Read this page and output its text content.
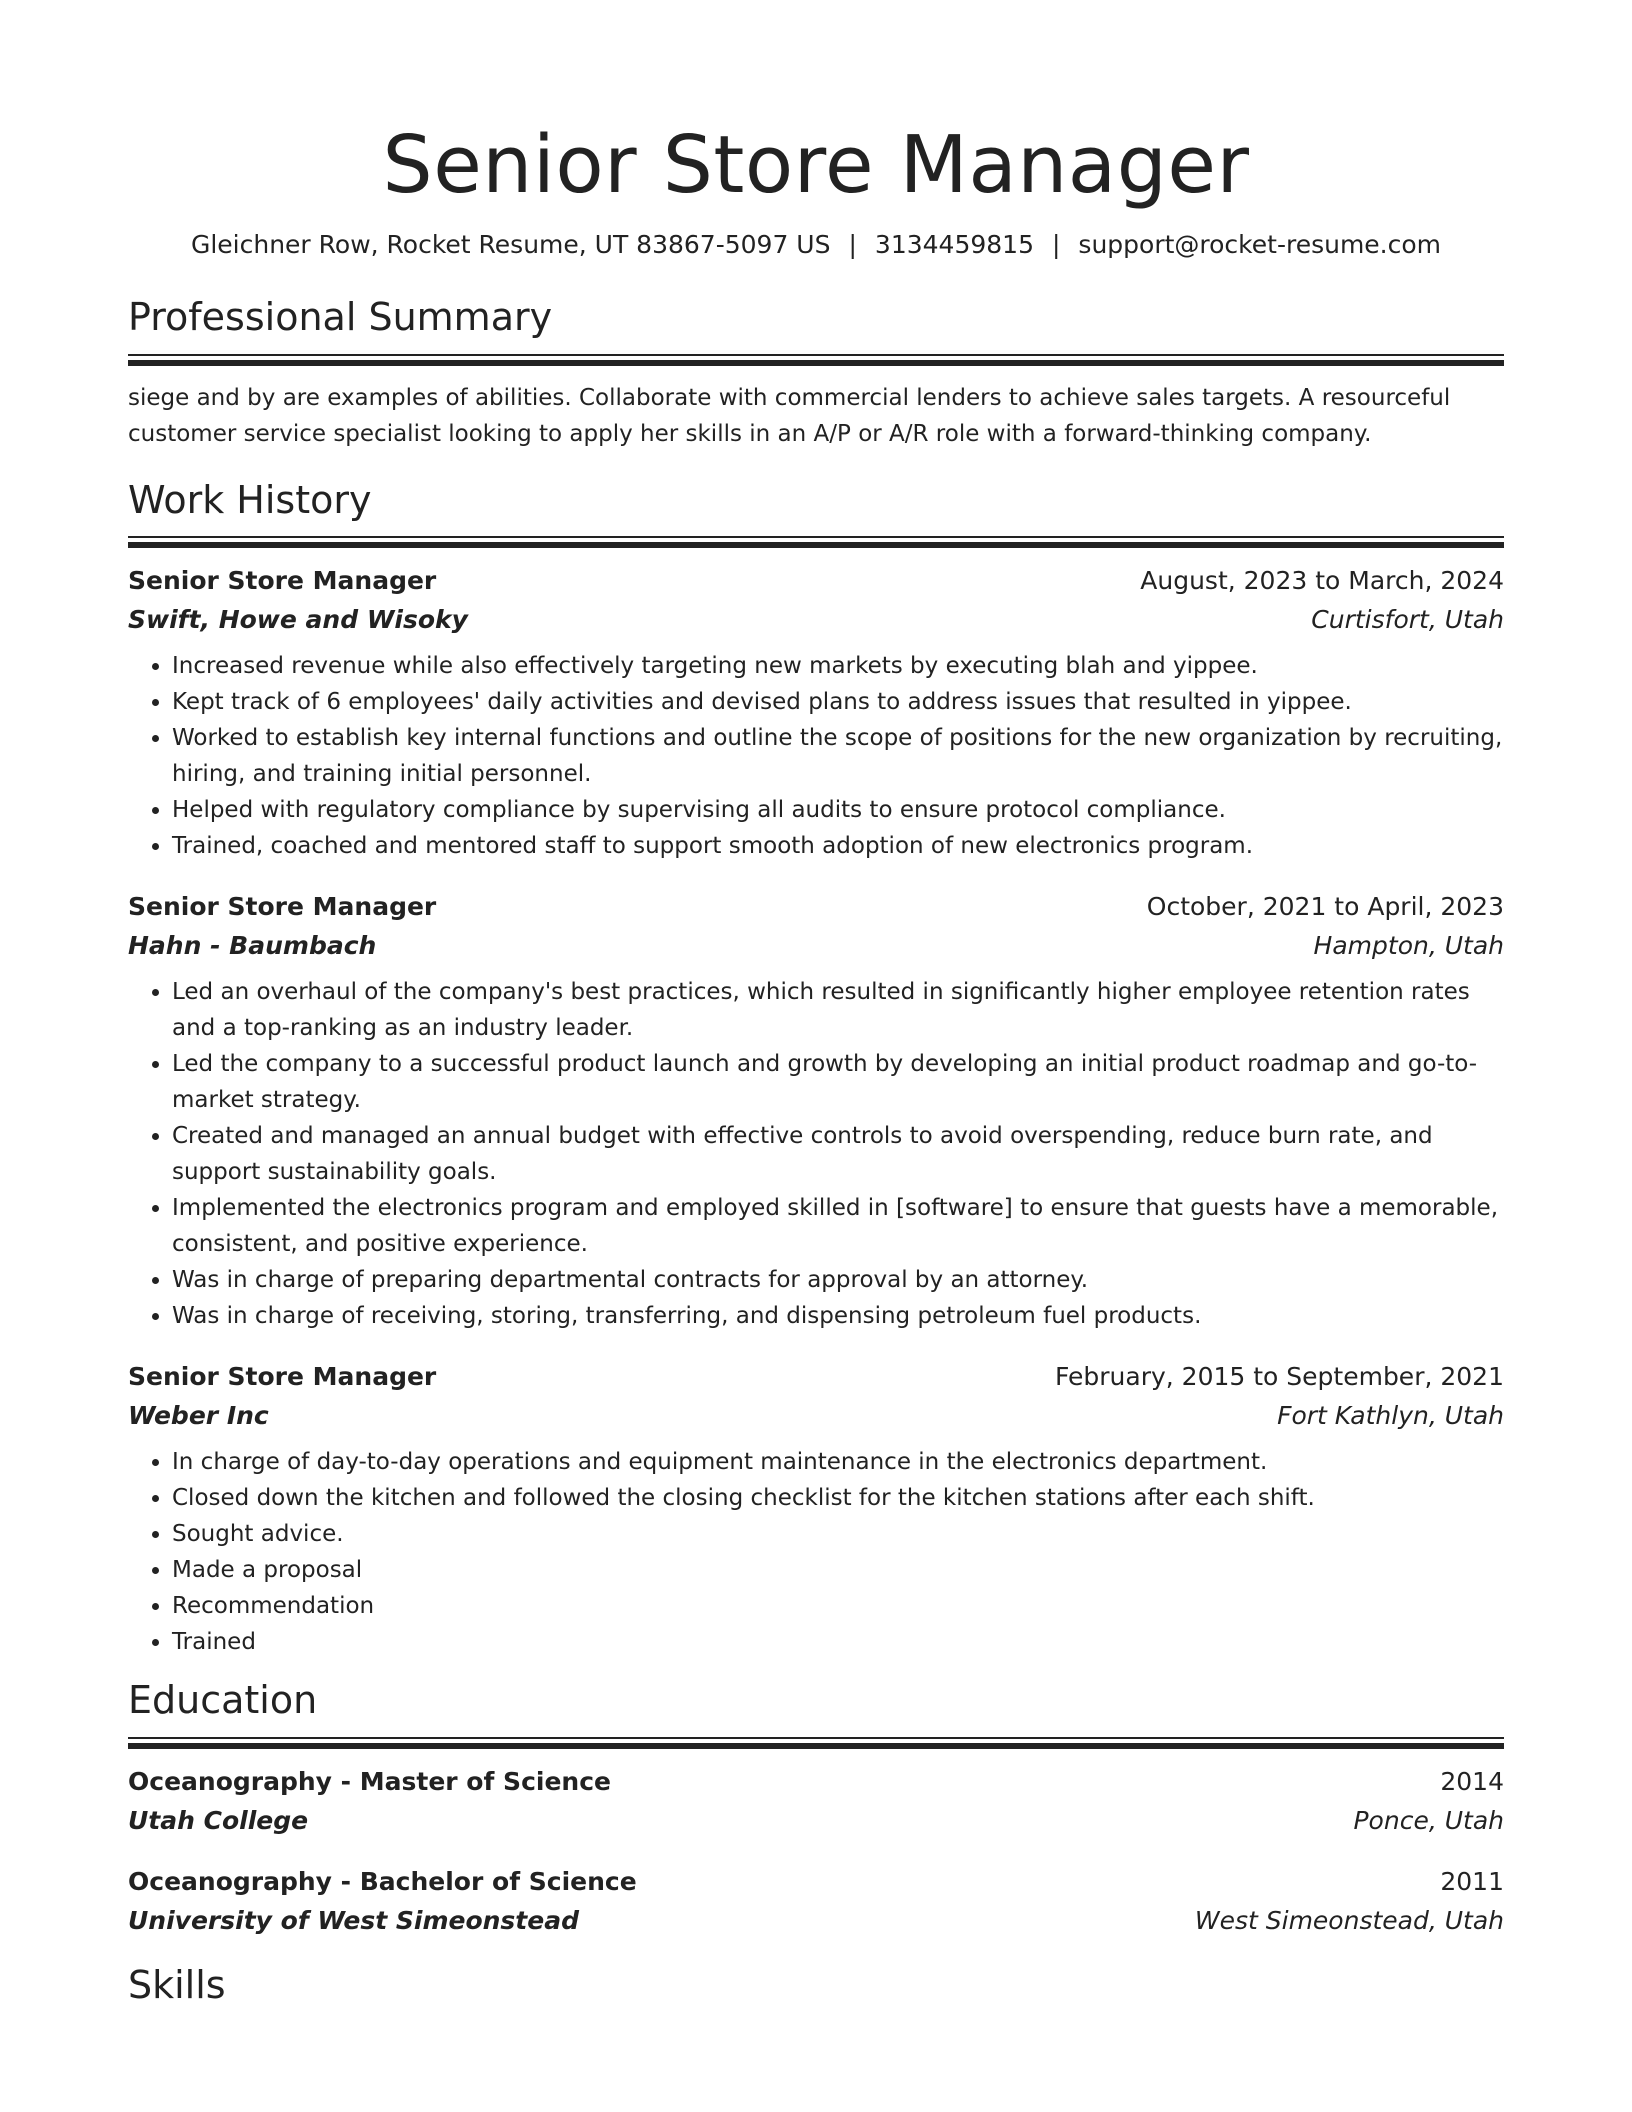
Senior Store Manager
Gleichner Row, Rocket Resume, UT 83867-5097 US | 3134459815 | support@rocket-resume.com
Professional Summary

siege and by are examples of abilities. Collaborate with commercial lenders to achieve sales targets. A resourceful customer service specialist looking to apply her skills in an A/P or A/R role with a forward-thinking company.

Work History
Senior Store Manager	August, 2023 to March, 2024
Swift, Howe and Wisoky	Curtisfort, Utah
• Increased revenue while also effectively targeting new markets by executing blah and yippee.
• Kept track of 6 employees' daily activities and devised plans to address issues that resulted in yippee.
• Worked to establish key internal functions and outline the scope of positions for the new organization by recruiting, hiring, and training initial personnel.
• Helped with regulatory compliance by supervising all audits to ensure protocol compliance.
• Trained, coached and mentored staff to support smooth adoption of new electronics program.
Senior Store Manager	October, 2021 to April, 2023
Hahn - Baumbach	Hampton, Utah
• Led an overhaul of the company's best practices, which resulted in significantly higher employee retention rates and a top-ranking as an industry leader.
• Led the company to a successful product launch and growth by developing an initial product roadmap and go-to-market strategy.
• Created and managed an annual budget with effective controls to avoid overspending, reduce burn rate, and support sustainability goals.
• Implemented the electronics program and employed skilled in [software] to ensure that guests have a memorable, consistent, and positive experience.
• Was in charge of preparing departmental contracts for approval by an attorney.
• Was in charge of receiving, storing, transferring, and dispensing petroleum fuel products.
Senior Store Manager	February, 2015 to September, 2021
Weber Inc	Fort Kathlyn, Utah
• In charge of day-to-day operations and equipment maintenance in the electronics department.
• Closed down the kitchen and followed the closing checklist for the kitchen stations after each shift.
• Sought advice.
• Made a proposal
• Recommendation
• Trained
Education
Oceanography - Master of Science	2014
Utah College	Ponce, Utah
Oceanography - Bachelor of Science	2011
University of West Simeonstead	West Simeonstead, Utah
Skills
